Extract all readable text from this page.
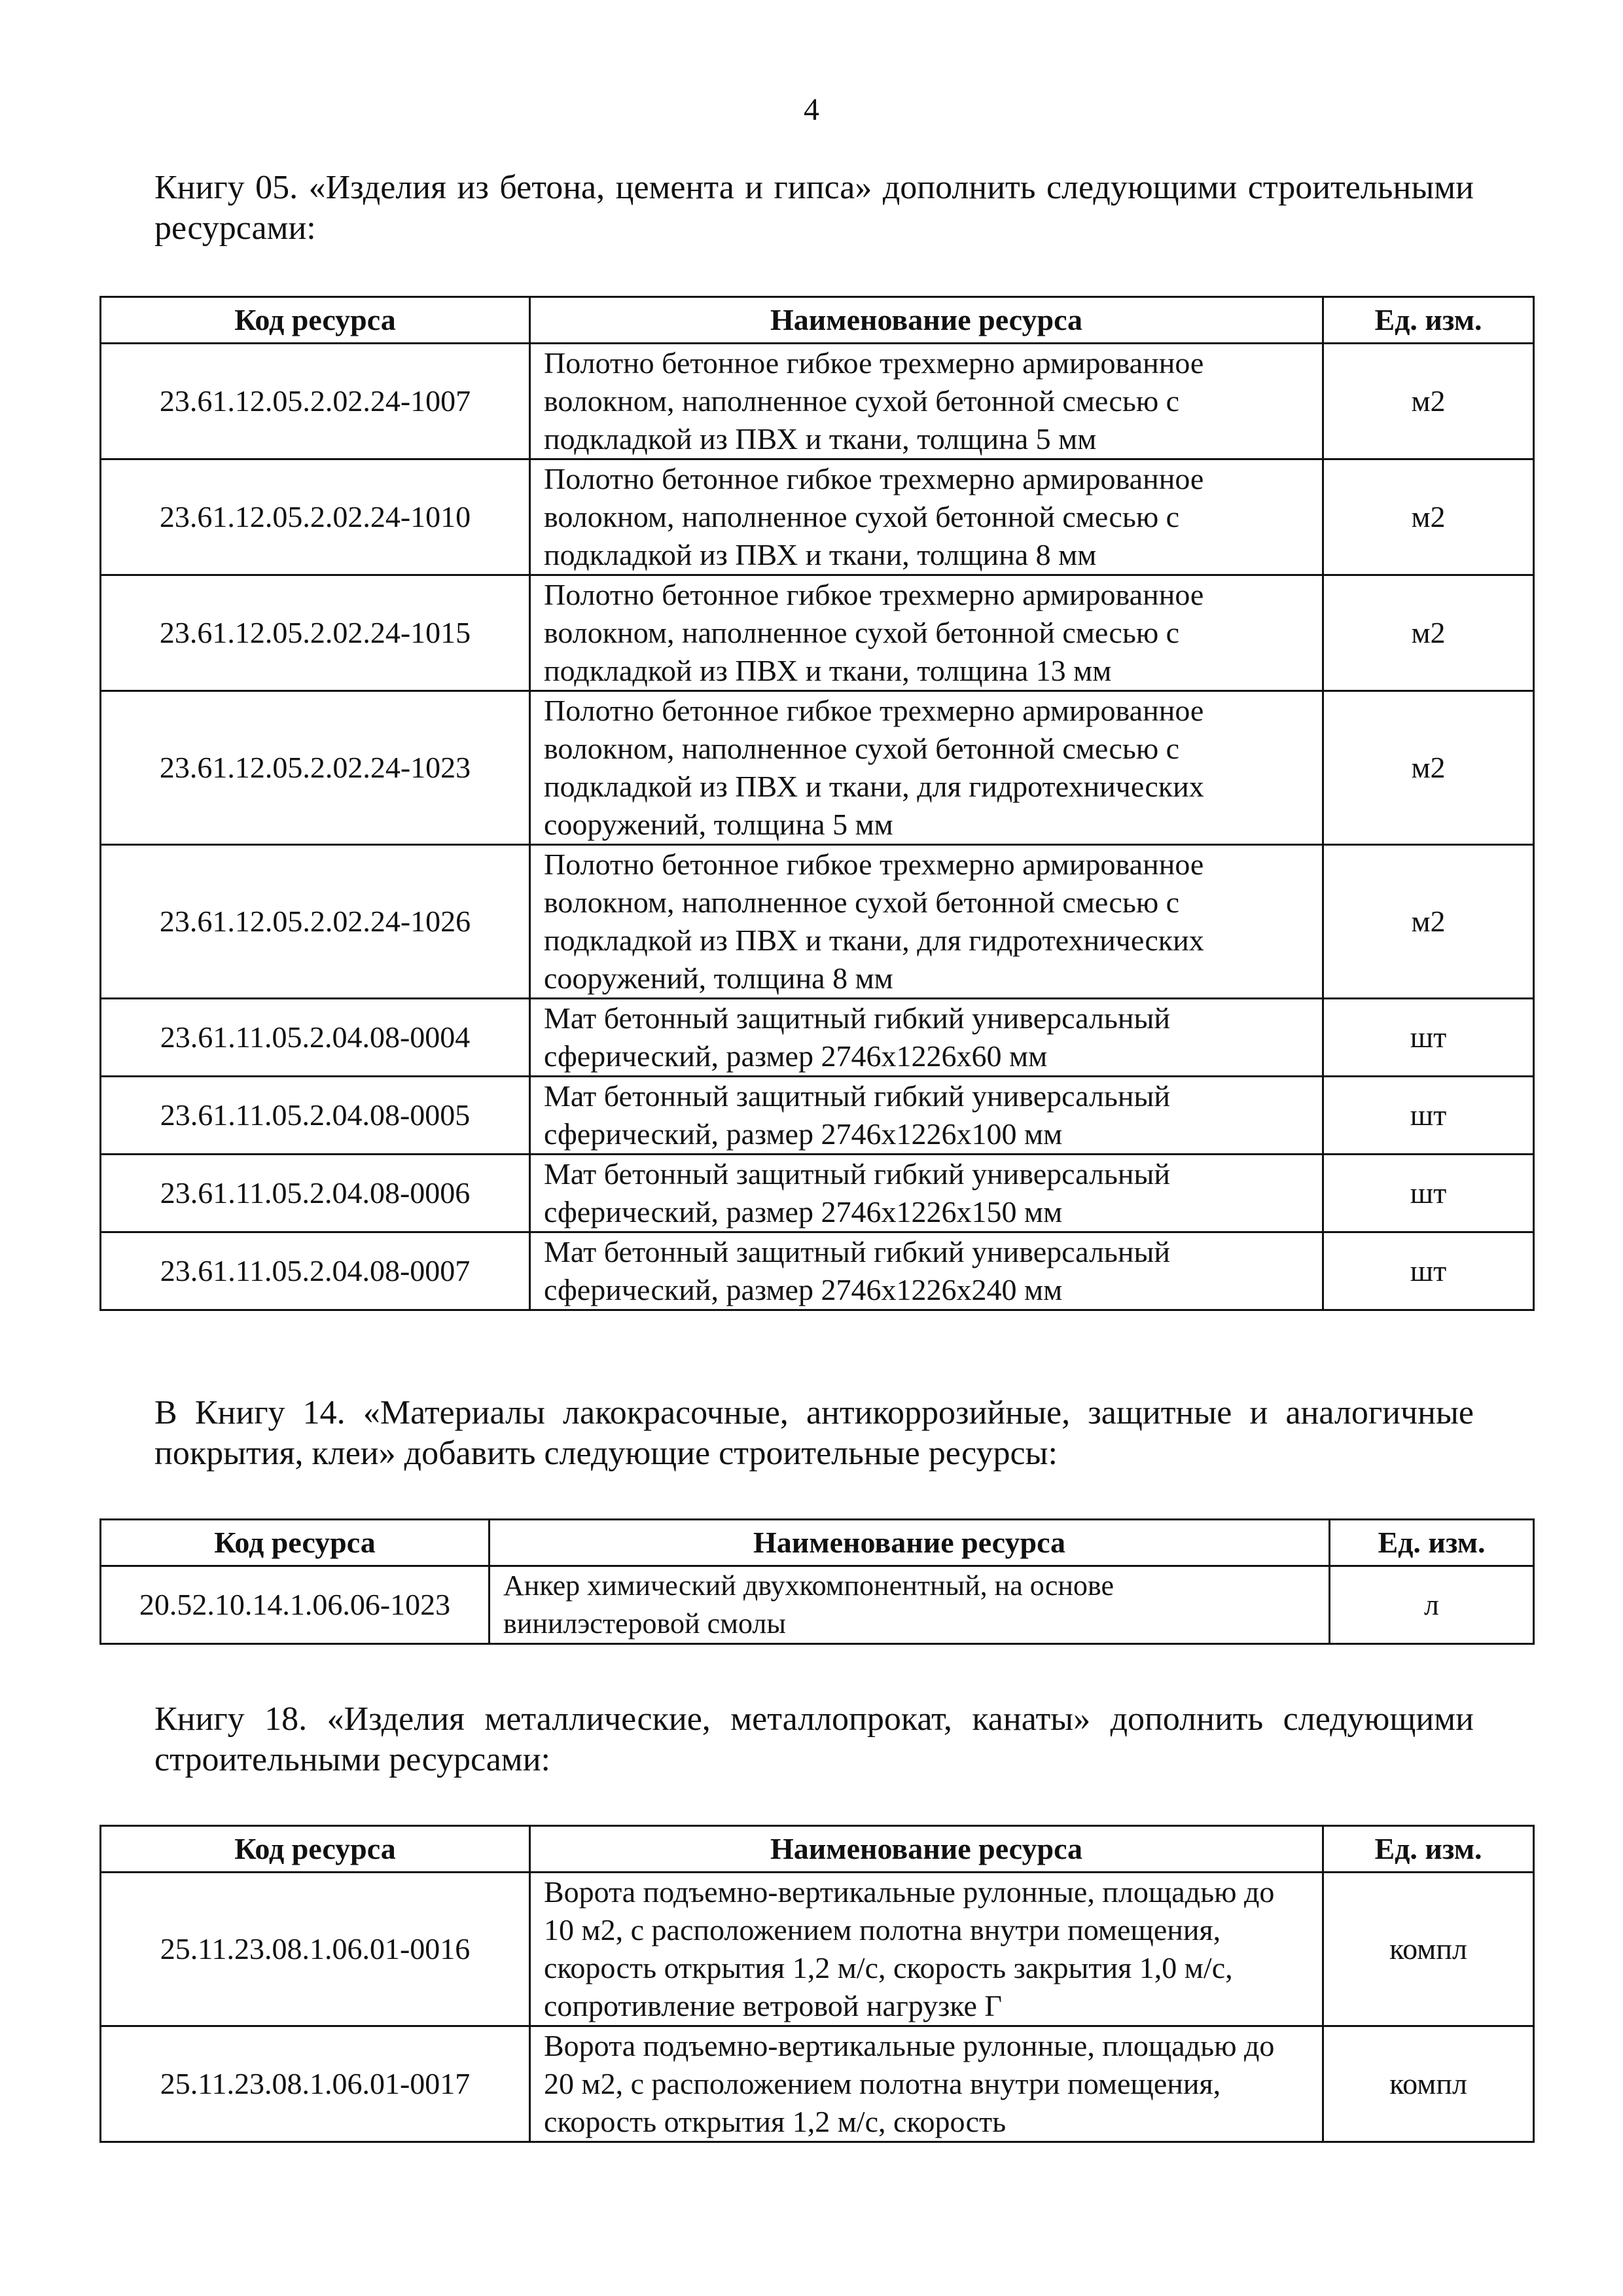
4

Книгу 05. «Изделия из бетона, цемента и гипса» дополнить следующими строительными ресурсами:

Код ресурса	Наименование ресурса	Ед. изм.
23.61.12.05.2.02.24-1007	Полотно бетонное гибкое трехмерно армированное волокном, наполненное сухой бетонной смесью с подкладкой из ПВХ и ткани, толщина 5 мм	м2
23.61.12.05.2.02.24-1010	Полотно бетонное гибкое трехмерно армированное волокном, наполненное сухой бетонной смесью с подкладкой из ПВХ и ткани, толщина 8 мм	м2
23.61.12.05.2.02.24-1015	Полотно бетонное гибкое трехмерно армированное волокном, наполненное сухой бетонной смесью с подкладкой из ПВХ и ткани, толщина 13 мм	м2
23.61.12.05.2.02.24-1023	Полотно бетонное гибкое трехмерно армированное волокном, наполненное сухой бетонной смесью с подкладкой из ПВХ и ткани, для гидротехнических сооружений, толщина 5 мм	м2
23.61.12.05.2.02.24-1026	Полотно бетонное гибкое трехмерно армированное волокном, наполненное сухой бетонной смесью с подкладкой из ПВХ и ткани, для гидротехнических сооружений, толщина 8 мм	м2
23.61.11.05.2.04.08-0004	Мат бетонный защитный гибкий универсальный сферический, размер 2746х1226х60 мм	шт
23.61.11.05.2.04.08-0005	Мат бетонный защитный гибкий универсальный сферический, размер 2746х1226х100 мм	шт
23.61.11.05.2.04.08-0006	Мат бетонный защитный гибкий универсальный сферический, размер 2746х1226х150 мм	шт
23.61.11.05.2.04.08-0007	Мат бетонный защитный гибкий универсальный сферический, размер 2746х1226х240 мм	шт

В Книгу 14. «Материалы лакокрасочные, антикоррозийные, защитные и аналогичные покрытия, клеи» добавить следующие строительные ресурсы:

Код ресурса	Наименование ресурса	Ед. изм.
20.52.10.14.1.06.06-1023	Анкер химический двухкомпонентный, на основе винилэстеровой смолы	л

Книгу 18. «Изделия металлические, металлопрокат, канаты» дополнить следующими строительными ресурсами:

Код ресурса	Наименование ресурса	Ед. изм.
25.11.23.08.1.06.01-0016	Ворота подъемно-вертикальные рулонные, площадью до 10 м2, с расположением полотна внутри помещения, скорость открытия 1,2 м/с, скорость закрытия 1,0 м/с, сопротивление ветровой нагрузке Г	компл
25.11.23.08.1.06.01-0017	Ворота подъемно-вертикальные рулонные, площадью до 20 м2, с расположением полотна внутри помещения, скорость открытия 1,2 м/с, скорость	компл
